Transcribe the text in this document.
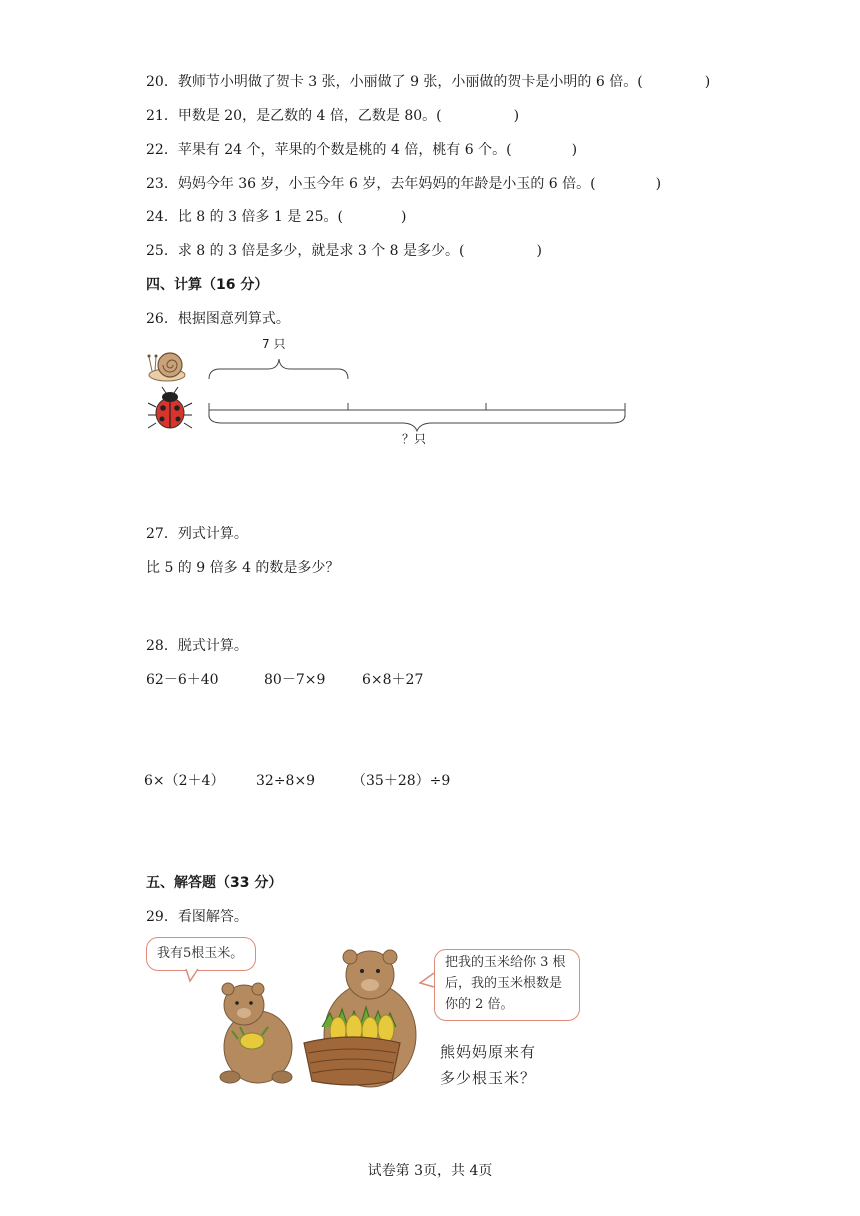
20．教师节小明做了贺卡 3 张，小丽做了 9 张，小丽做的贺卡是小明的 6 倍。(	)
21．甲数是 20，是乙数的 4 倍，乙数是 80。(	)
22．苹果有 24 个，苹果的个数是桃的 4 倍，桃有 6 个。(	)
23．妈妈今年 36 岁，小玉今年 6 岁，去年妈妈的年龄是小玉的 6 倍。(	)
24．比 8 的 3 倍多 1 是 25。(	)
25．求 8 的 3 倍是多少，就是求 3 个 8 是多少。(	)
四、计算（16 分）
26．根据图意列算式。
7 只
？只
27．列式计算。
比 5 的 9 倍多 4 的数是多少？
28．脱式计算。
62－6＋40	80－7×9	6×8＋27
6×（2＋4） 32÷8×9	（35＋28）÷9
五、解答题（33 分）
29．看图解答。
我有5根玉米。
把我的玉米给你 3 根
后，我的玉米根数是
你的 2 倍。
熊妈妈原来有
多少根玉米？
试卷第 3页，共 4页
